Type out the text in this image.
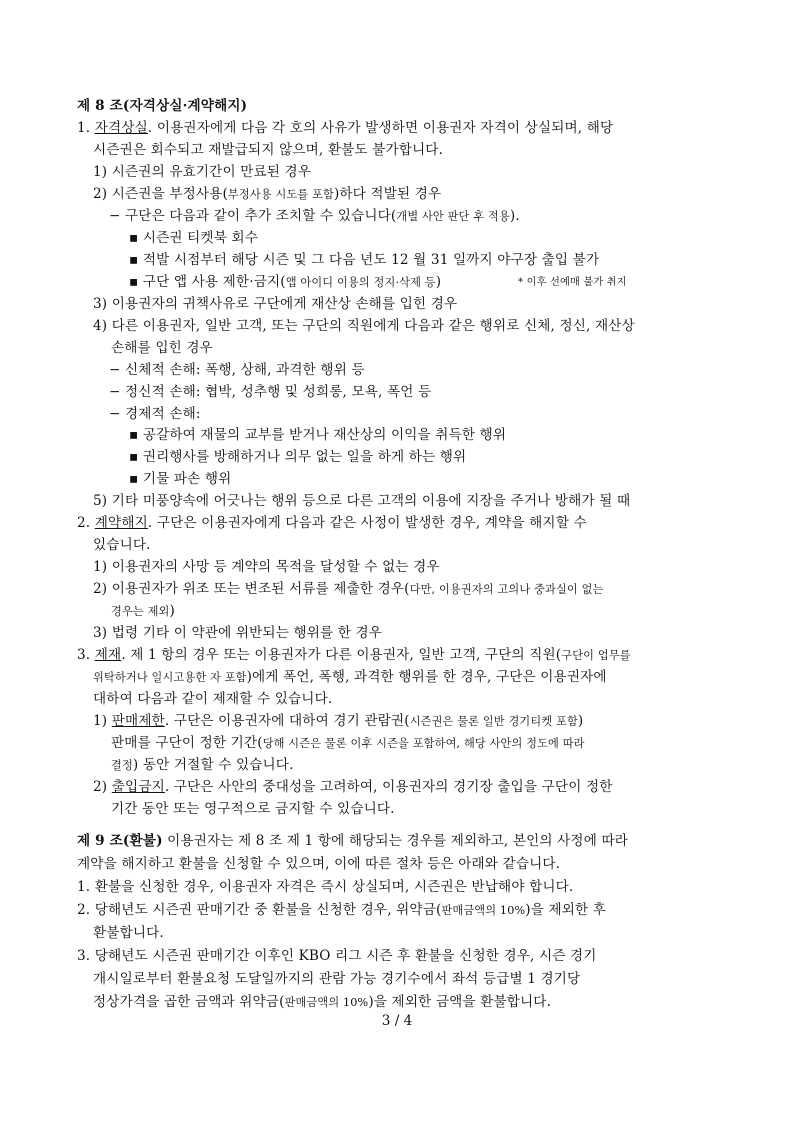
제 8 조(자격상실·계약해지)
1. 자격상실. 이용권자에게 다음 각 호의 사유가 발생하면 이용권자 자격이 상실되며, 해당
시즌권은 회수되고 재발급되지 않으며, 환불도 불가합니다.
1) 시즌권의 유효기간이 만료된 경우
2) 시즌권을 부정사용(부정사용 시도를 포함)하다 적발된 경우
− 구단은 다음과 같이 추가 조치할 수 있습니다(개별 사안 판단 후 적용).
▪ 시즌권 티켓북 회수
▪ 적발 시점부터 해당 시즌 및 그 다음 년도 12 월 31 일까지 야구장 출입 불가
▪ 구단 앱 사용 제한·금지(앱 아이디 이용의 정지·삭제 등)	* 이후 선예매 불가 취지
3) 이용권자의 귀책사유로 구단에게 재산상 손해를 입힌 경우
4) 다른 이용권자, 일반 고객, 또는 구단의 직원에게 다음과 같은 행위로 신체, 정신, 재산상
손해를 입힌 경우
− 신체적 손해: 폭행, 상해, 과격한 행위 등
− 정신적 손해: 협박, 성추행 및 성희롱, 모욕, 폭언 등
− 경제적 손해:
▪ 공갈하여 재물의 교부를 받거나 재산상의 이익을 취득한 행위
▪ 권리행사를 방해하거나 의무 없는 일을 하게 하는 행위
▪ 기물 파손 행위
5) 기타 미풍양속에 어긋나는 행위 등으로 다른 고객의 이용에 지장을 주거나 방해가 될 때
2. 계약해지. 구단은 이용권자에게 다음과 같은 사정이 발생한 경우, 계약을 해지할 수
있습니다.
1) 이용권자의 사망 등 계약의 목적을 달성할 수 없는 경우
2) 이용권자가 위조 또는 변조된 서류를 제출한 경우(다만, 이용권자의 고의나 중과실이 없는
경우는 제외)
3) 법령 기타 이 약관에 위반되는 행위를 한 경우
3. 제재. 제 1 항의 경우 또는 이용권자가 다른 이용권자, 일반 고객, 구단의 직원(구단이 업무를
위탁하거나 일시고용한 자 포함)에게 폭언, 폭행, 과격한 행위를 한 경우, 구단은 이용권자에
대하여 다음과 같이 제재할 수 있습니다.
1) 판매제한. 구단은 이용권자에 대하여 경기 관람권(시즌권은 물론 일반 경기티켓 포함)
판매를 구단이 정한 기간(당해 시즌은 물론 이후 시즌을 포함하여, 해당 사안의 정도에 따라
결정) 동안 거절할 수 있습니다.
2) 출입금지. 구단은 사안의 중대성을 고려하여, 이용권자의 경기장 출입을 구단이 정한
기간 동안 또는 영구적으로 금지할 수 있습니다.
제 9 조(환불) 이용권자는 제 8 조 제 1 항에 해당되는 경우를 제외하고, 본인의 사정에 따라
계약을 해지하고 환불을 신청할 수 있으며, 이에 따른 절차 등은 아래와 같습니다.
1. 환불을 신청한 경우, 이용권자 자격은 즉시 상실되며, 시즌권은 반납해야 합니다.
2. 당해년도 시즌권 판매기간 중 환불을 신청한 경우, 위약금(판매금액의 10%)을 제외한 후
환불합니다.
3. 당해년도 시즌권 판매기간 이후인 KBO 리그 시즌 후 환불을 신청한 경우, 시즌 경기
개시일로부터 환불요청 도달일까지의 관람 가능 경기수에서 좌석 등급별 1 경기당
정상가격을 곱한 금액과 위약금(판매금액의 10%)을 제외한 금액을 환불합니다.
3 / 4
